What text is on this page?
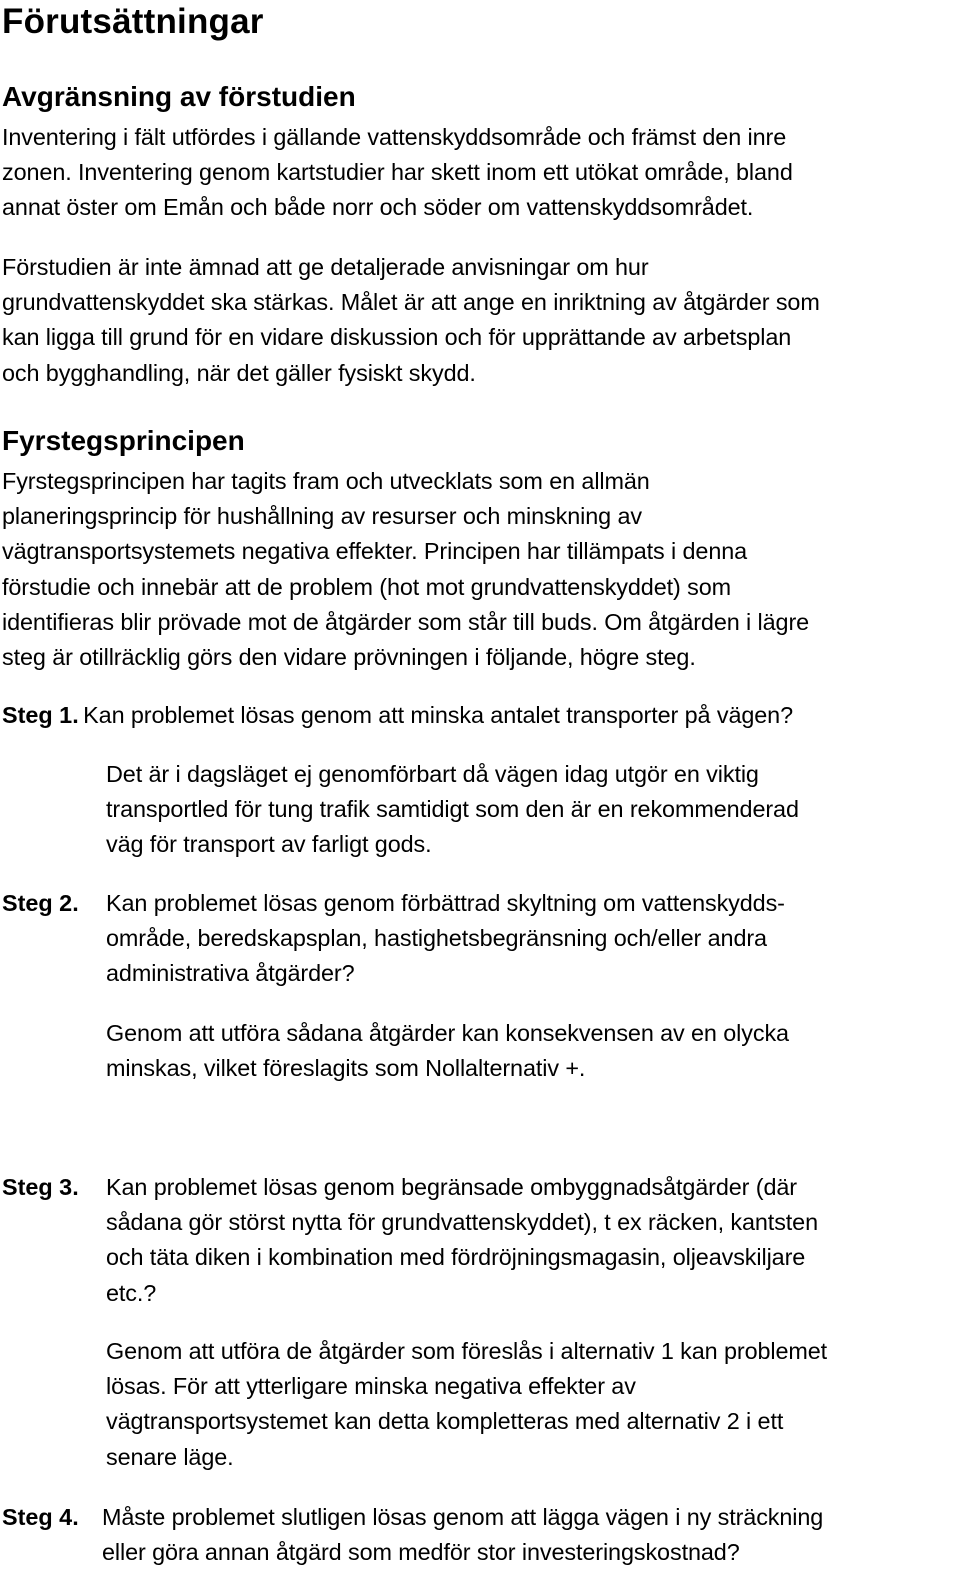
Förutsättningar
Avgränsning av förstudien
Inventering i fält utfördes i gällande vattenskyddsområde och främst den inre
zonen. Inventering genom kartstudier har skett inom ett utökat område, bland
annat öster om Emån och både norr och söder om vattenskyddsområdet.
Förstudien är inte ämnad att ge detaljerade anvisningar om hur
grundvattenskyddet ska stärkas. Målet är att ange en inriktning av åtgärder som
kan ligga till grund för en vidare diskussion och för upprättande av arbetsplan
och bygghandling, när det gäller fysiskt skydd.
Fyrstegsprincipen
Fyrstegsprincipen har tagits fram och utvecklats som en allmän
planeringsprincip för hushållning av resurser och minskning av
vägtransportsystemets negativa effekter. Principen har tillämpats i denna
förstudie och innebär att de problem (hot mot grundvattenskyddet) som
identifieras blir prövade mot de åtgärder som står till buds. Om åtgärden i lägre
steg är otillräcklig görs den vidare prövningen i följande, högre steg.
Steg 1. Kan problemet lösas genom att minska antalet transporter på vägen?
Det är i dagsläget ej genomförbart då vägen idag utgör en viktig
transportled för tung trafik samtidigt som den är en rekommenderad
väg för transport av farligt gods.
Steg 2. Kan problemet lösas genom förbättrad skyltning om vattenskydds-
område, beredskapsplan, hastighetsbegränsning och/eller andra
administrativa åtgärder?
Genom att utföra sådana åtgärder kan konsekvensen av en olycka
minskas, vilket föreslagits som Nollalternativ +.
Steg 3. Kan problemet lösas genom begränsade ombyggnadsåtgärder (där
sådana gör störst nytta för grundvattenskyddet), t ex räcken, kantsten
och täta diken i kombination med fördröjningsmagasin, oljeavskiljare
etc.?
Genom att utföra de åtgärder som föreslås i alternativ 1 kan problemet
lösas. För att ytterligare minska negativa effekter av
vägtransportsystemet kan detta kompletteras med alternativ 2 i ett
senare läge.
Steg 4. Måste problemet slutligen lösas genom att lägga vägen i ny sträckning
eller göra annan åtgärd som medför stor investeringskostnad?
